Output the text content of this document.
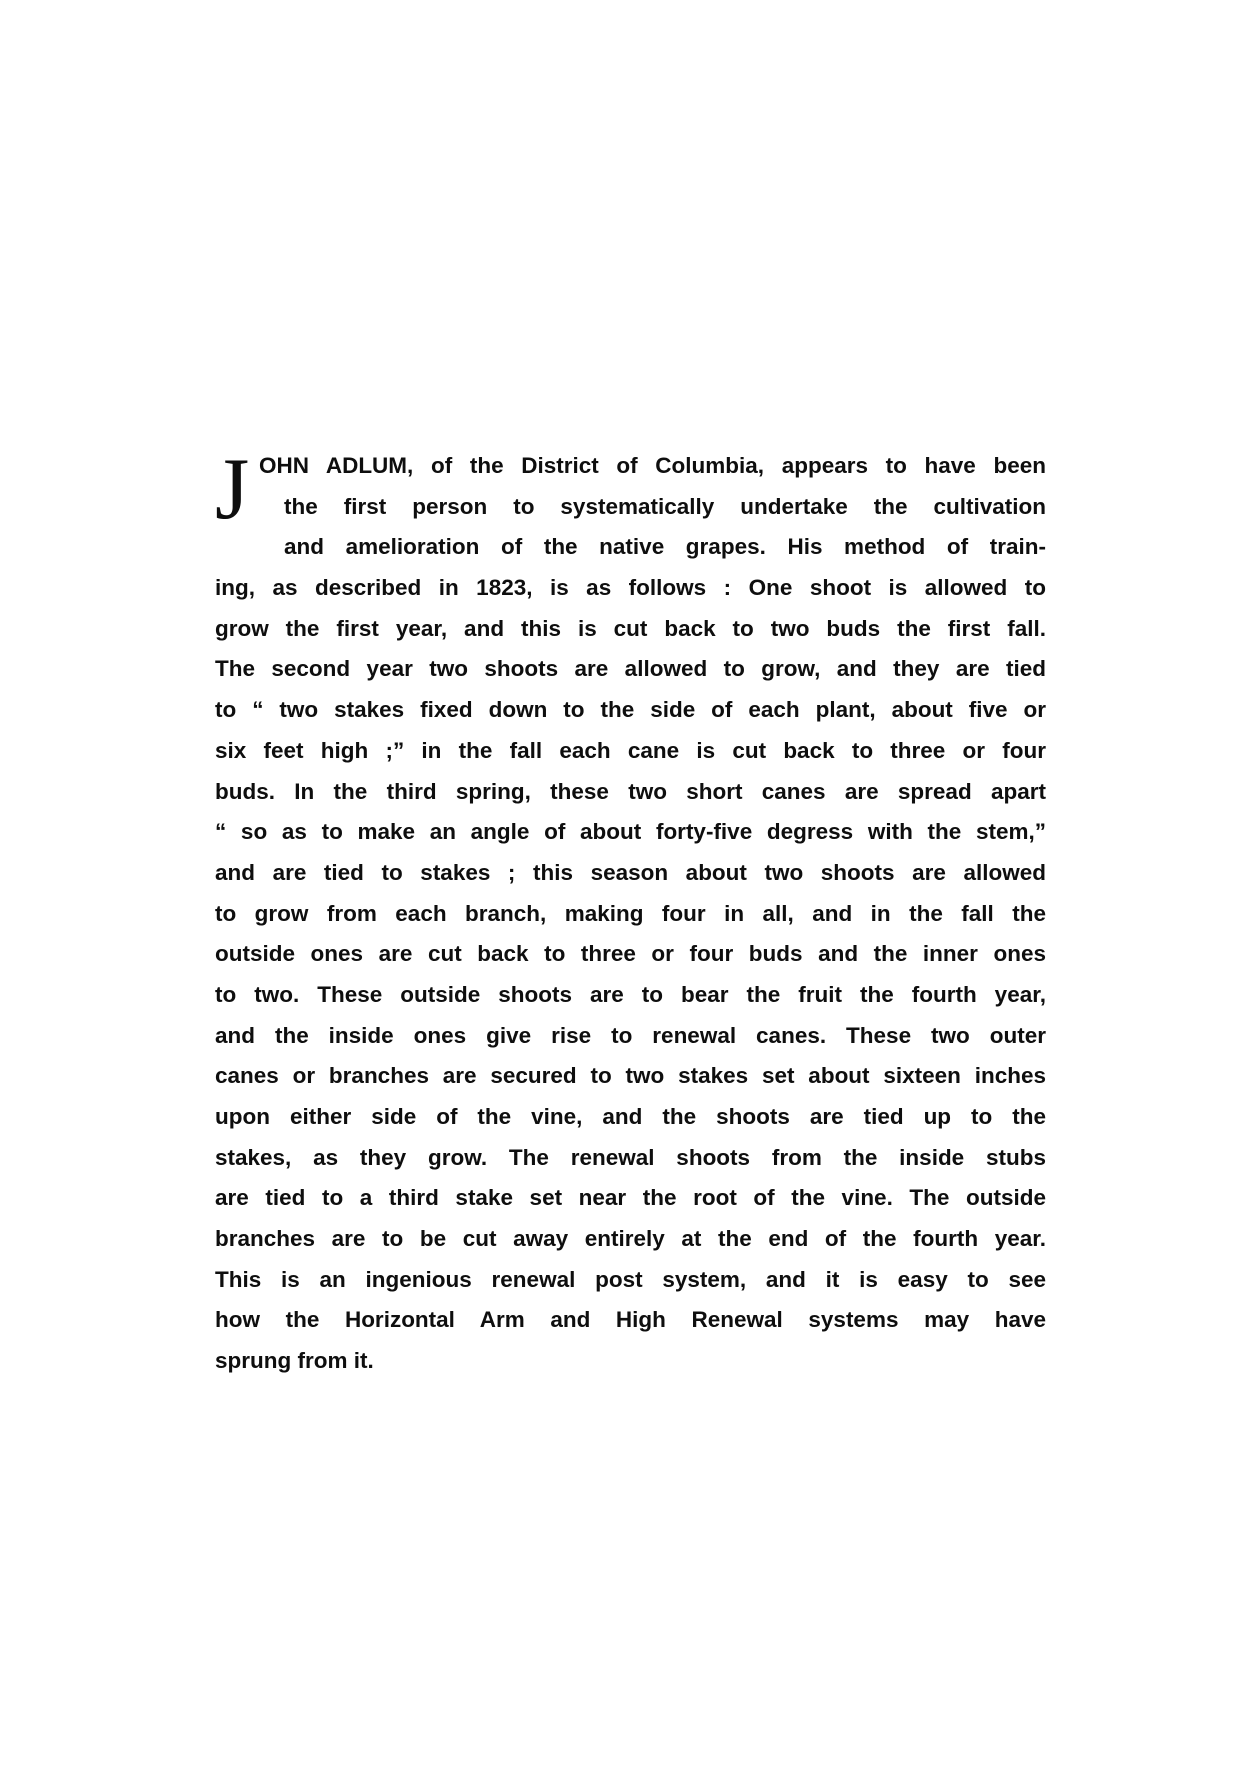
J OHN ADLUM, of the District of Columbia, appears to have been
the first person to systematically undertake the cultivation
and amelioration of the native grapes. His method of train-
ing, as described in 1823, is as follows : One shoot is allowed to
grow the first year, and this is cut back to two buds the first fall.
The second year two shoots are allowed to grow, and they are tied
to “ two stakes fixed down to the side of each plant, about five or
six feet high ;” in the fall each cane is cut back to three or four
buds. In the third spring, these two short canes are spread apart
“ so as to make an angle of about forty-five degress with the stem,”
and are tied to stakes ; this season about two shoots are allowed
to grow from each branch, making four in all, and in the fall the
outside ones are cut back to three or four buds and the inner ones
to two. These outside shoots are to bear the fruit the fourth year,
and the inside ones give rise to renewal canes. These two outer
canes or branches are secured to two stakes set about sixteen inches
upon either side of the vine, and the shoots are tied up to the
stakes, as they grow. The renewal shoots from the inside stubs
are tied to a third stake set near the root of the vine. The outside
branches are to be cut away entirely at the end of the fourth year.
This is an ingenious renewal post system, and it is easy to see
how the Horizontal Arm and High Renewal systems may have
sprung from it.
